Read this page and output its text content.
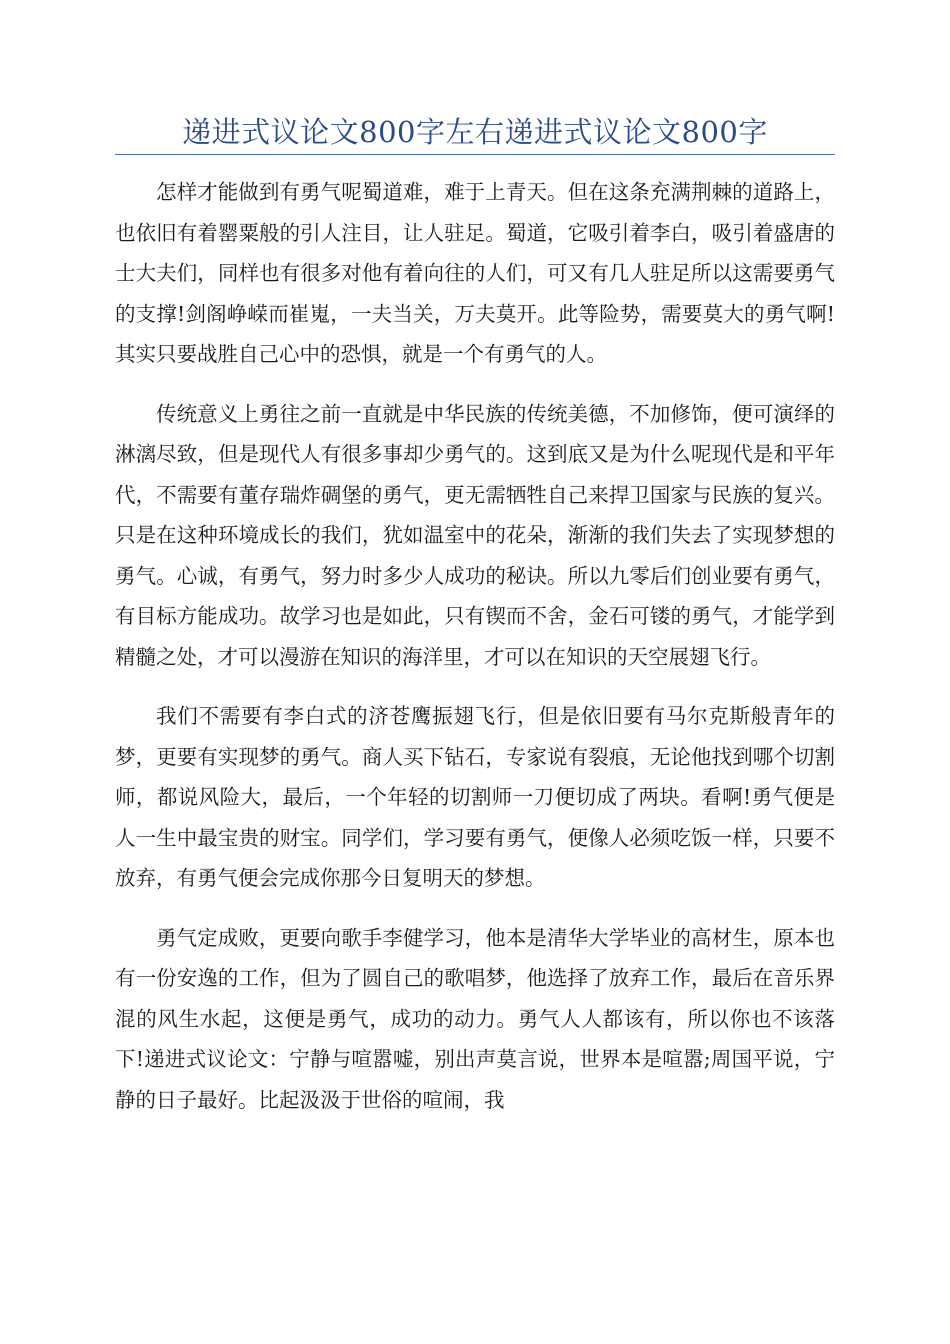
递进式议论文800字左右递进式议论文800字

怎样才能做到有勇气呢蜀道难，难于上青天。但在这条充满荆棘的道路上，也依旧有着罂粟般的引人注目，让人驻足。蜀道，它吸引着李白，吸引着盛唐的士大夫们，同样也有很多对他有着向往的人们，可又有几人驻足所以这需要勇气的支撑!剑阁峥嵘而崔嵬，一夫当关，万夫莫开。此等险势，需要莫大的勇气啊!其实只要战胜自己心中的恐惧，就是一个有勇气的人。

传统意义上勇往之前一直就是中华民族的传统美德，不加修饰，便可演绎的淋漓尽致，但是现代人有很多事却少勇气的。这到底又是为什么呢现代是和平年代，不需要有董存瑞炸碉堡的勇气，更无需牺牲自己来捍卫国家与民族的复兴。只是在这种环境成长的我们，犹如温室中的花朵，渐渐的我们失去了实现梦想的勇气。心诚，有勇气，努力时多少人成功的秘诀。所以九零后们创业要有勇气，有目标方能成功。故学习也是如此，只有锲而不舍，金石可镂的勇气，才能学到精髓之处，才可以漫游在知识的海洋里，才可以在知识的天空展翅飞行。

我们不需要有李白式的济苍鹰振翅飞行，但是依旧要有马尔克斯般青年的梦，更要有实现梦的勇气。商人买下钻石，专家说有裂痕，无论他找到哪个切割师，都说风险大，最后，一个年轻的切割师一刀便切成了两块。看啊!勇气便是人一生中最宝贵的财宝。同学们，学习要有勇气，便像人必须吃饭一样，只要不放弃，有勇气便会完成你那今日复明天的梦想。

勇气定成败，更要向歌手李健学习，他本是清华大学毕业的高材生，原本也有一份安逸的工作，但为了圆自己的歌唱梦，他选择了放弃工作，最后在音乐界混的风生水起，这便是勇气，成功的动力。勇气人人都该有，所以你也不该落下!递进式议论文：宁静与喧嚣嘘，别出声莫言说，世界本是喧嚣;周国平说，宁静的日子最好。比起汲汲于世俗的喧闹，我
